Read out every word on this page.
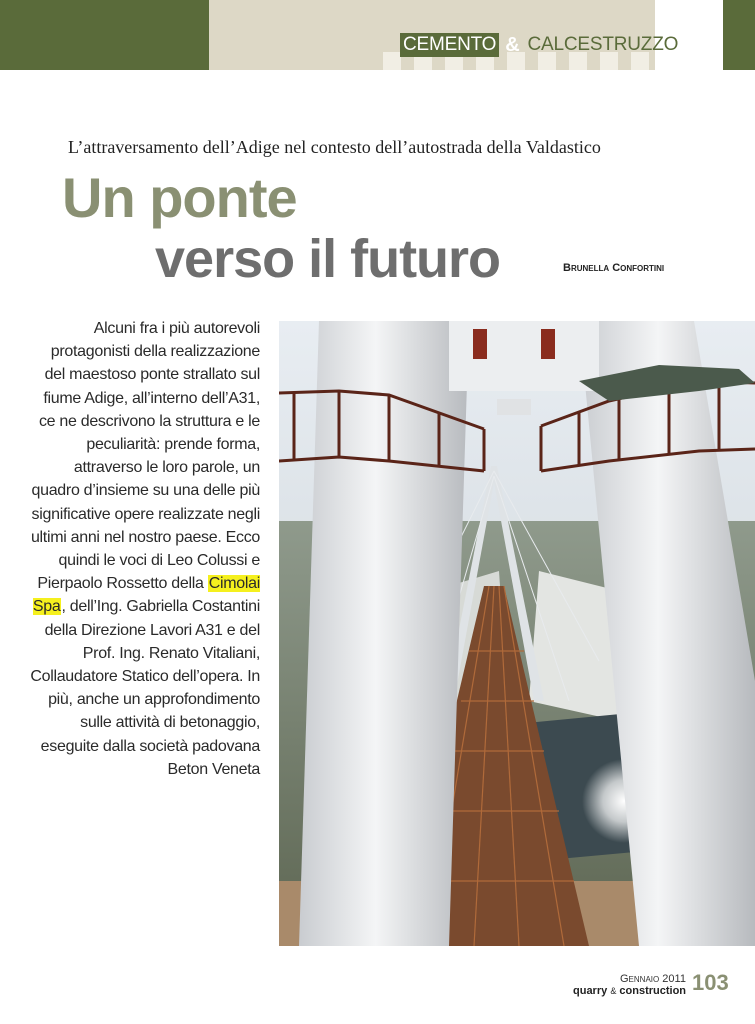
CEMENTO & CALCESTRUZZO
L’attraversamento dell’Adige nel contesto dell’autostrada della Valdastico
Un ponte
verso il futuro	Brunella Confortini

Alcuni fra i più autorevoli protagonisti della realizzazione del maestoso ponte strallato sul fiume Adige, all’interno dell’A31, ce ne descrivono la struttura e le peculiarità: prende forma, attraverso le loro parole, un quadro d’insieme su una delle più significative opere realizzate negli ultimi anni nel nostro paese. Ecco quindi le voci di Leo Colussi e Pierpaolo Rossetto della Cimolai Spa, dell’Ing. Gabriella Costantini della Direzione Lavori A31 e del Prof. Ing. Renato Vitaliani, Collaudatore Statico dell’opera. In più, anche un approfondimento sulle attività di betonaggio, eseguite dalla società padovana Beton Veneta

Gennaio 2011
quarry & construction 103
